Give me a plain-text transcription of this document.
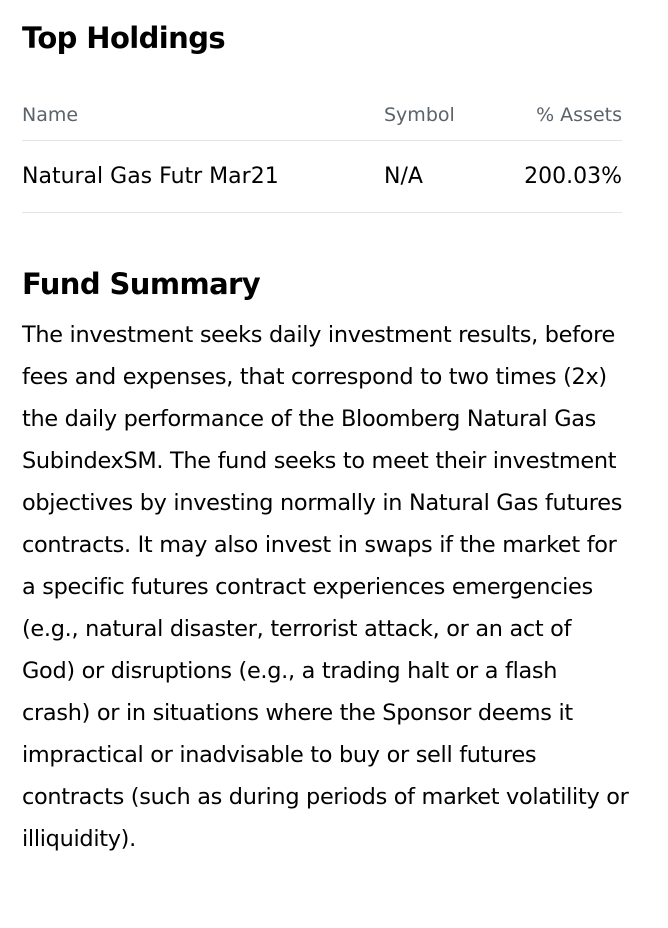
Top Holdings
Name	Symbol	% Assets
Natural Gas Futr Mar21	N/A	200.03%
Fund Summary

The investment seeks daily investment results, before fees and expenses, that correspond to two times (2x) the daily performance of the Bloomberg Natural Gas SubindexSM. The fund seeks to meet their investment objectives by investing normally in Natural Gas futures contracts. It may also invest in swaps if the market for a specific futures contract experiences emergencies (e.g., natural disaster, terrorist attack, or an act of God) or disruptions (e.g., a trading halt or a flash crash) or in situations where the Sponsor deems it impractical or inadvisable to buy or sell futures contracts (such as during periods of market volatility or illiquidity).
